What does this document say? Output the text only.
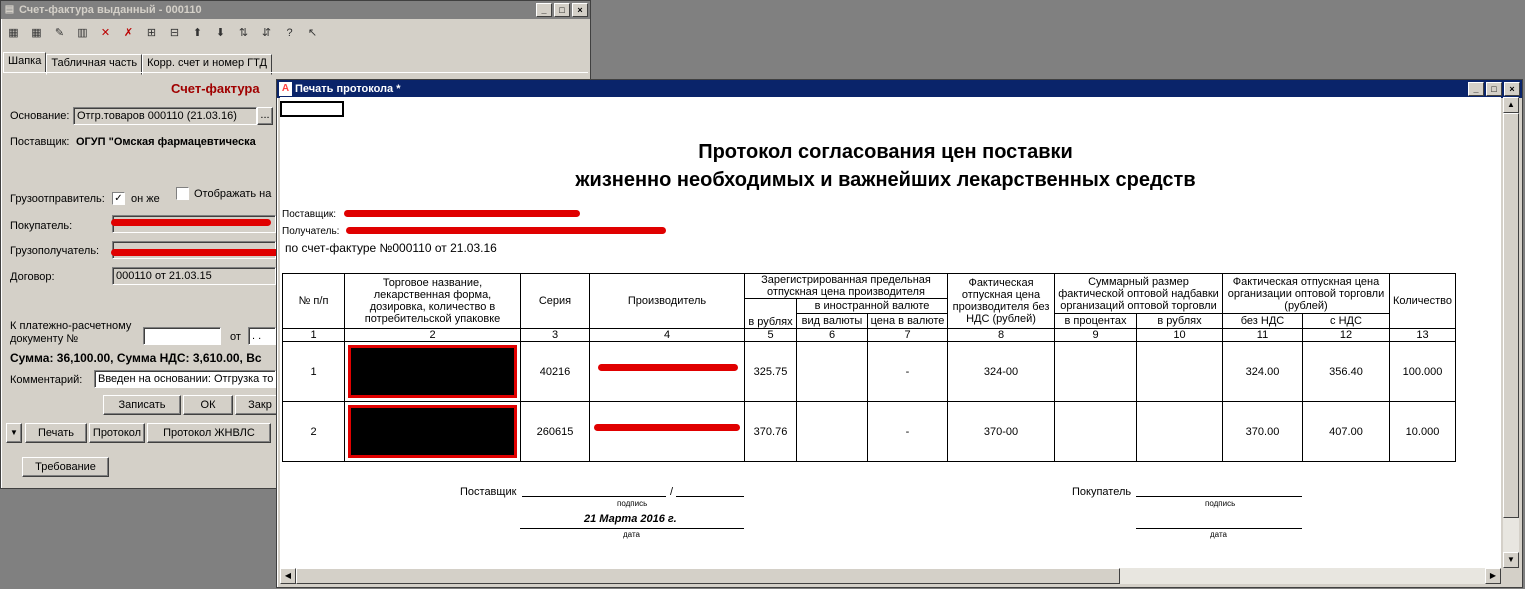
▤ Счет-фактура выданный - 000110	_	□	×
▦	▦	✎	▥	✕	✗	⊞	⊟	⬆	⬇	⇅	⇵	?	↖
Шапка Табличная часть Корр. счет и номер ГТД
Счет-фактура
Основание: Отгр.товаров 000110 (21.03.16)	...
Поставщик: ОГУП "Омская фармацевтическа
Грузоотправитель: ✓ он же	Отображать на
Покупатель:
Грузополучатель:
Договор:	000110 от 21.03.15
К платежно-расчетному документу №	от	. .
Сумма: 36,100.00, Сумма НДС: 3,610.00, Вс
Комментарий:	Введен на основании: Отгрузка то
Записать	ОК	Закр
▼	Печать	Протокол	Протокол ЖНВЛС
Требование
A Печать протокола *	_	□	×
Протокол согласования цен поставки
жизненно необходимых и важнейших лекарственных средств
Поставщик:
Получатель:
по счет-фактуре №000110 от 21.03.16
№ п/п	Торговое название, лекарственная форма, дозировка, количество в потребительской упаковке	Серия	Производитель	Зарегистрированная предельная отпускная цена производителя			Фактическая отпускная цена производителя без НДС (рублей)	Суммарный размер фактической оптовой надбавки организаций оптовой торговли		Фактическая отпускная цена организации оптовой торговли (рублей)		Количество
				в рублях	в иностранной валюте							
					вид валюты	цена в валюте		в процентах	в рублях	без НДС	с НДС	
1	2	3	4	5	6	7	8	9	10	11	12	13
1		40216		325.75		-	324-00			324.00	356.40	100.000
2		260615		370.76		-	370-00			370.00	407.00	10.000
Поставщик	/
подпись
21 Марта 2016 г.
дата
Покупатель
подпись
дата
▲
▼
◀	▶
